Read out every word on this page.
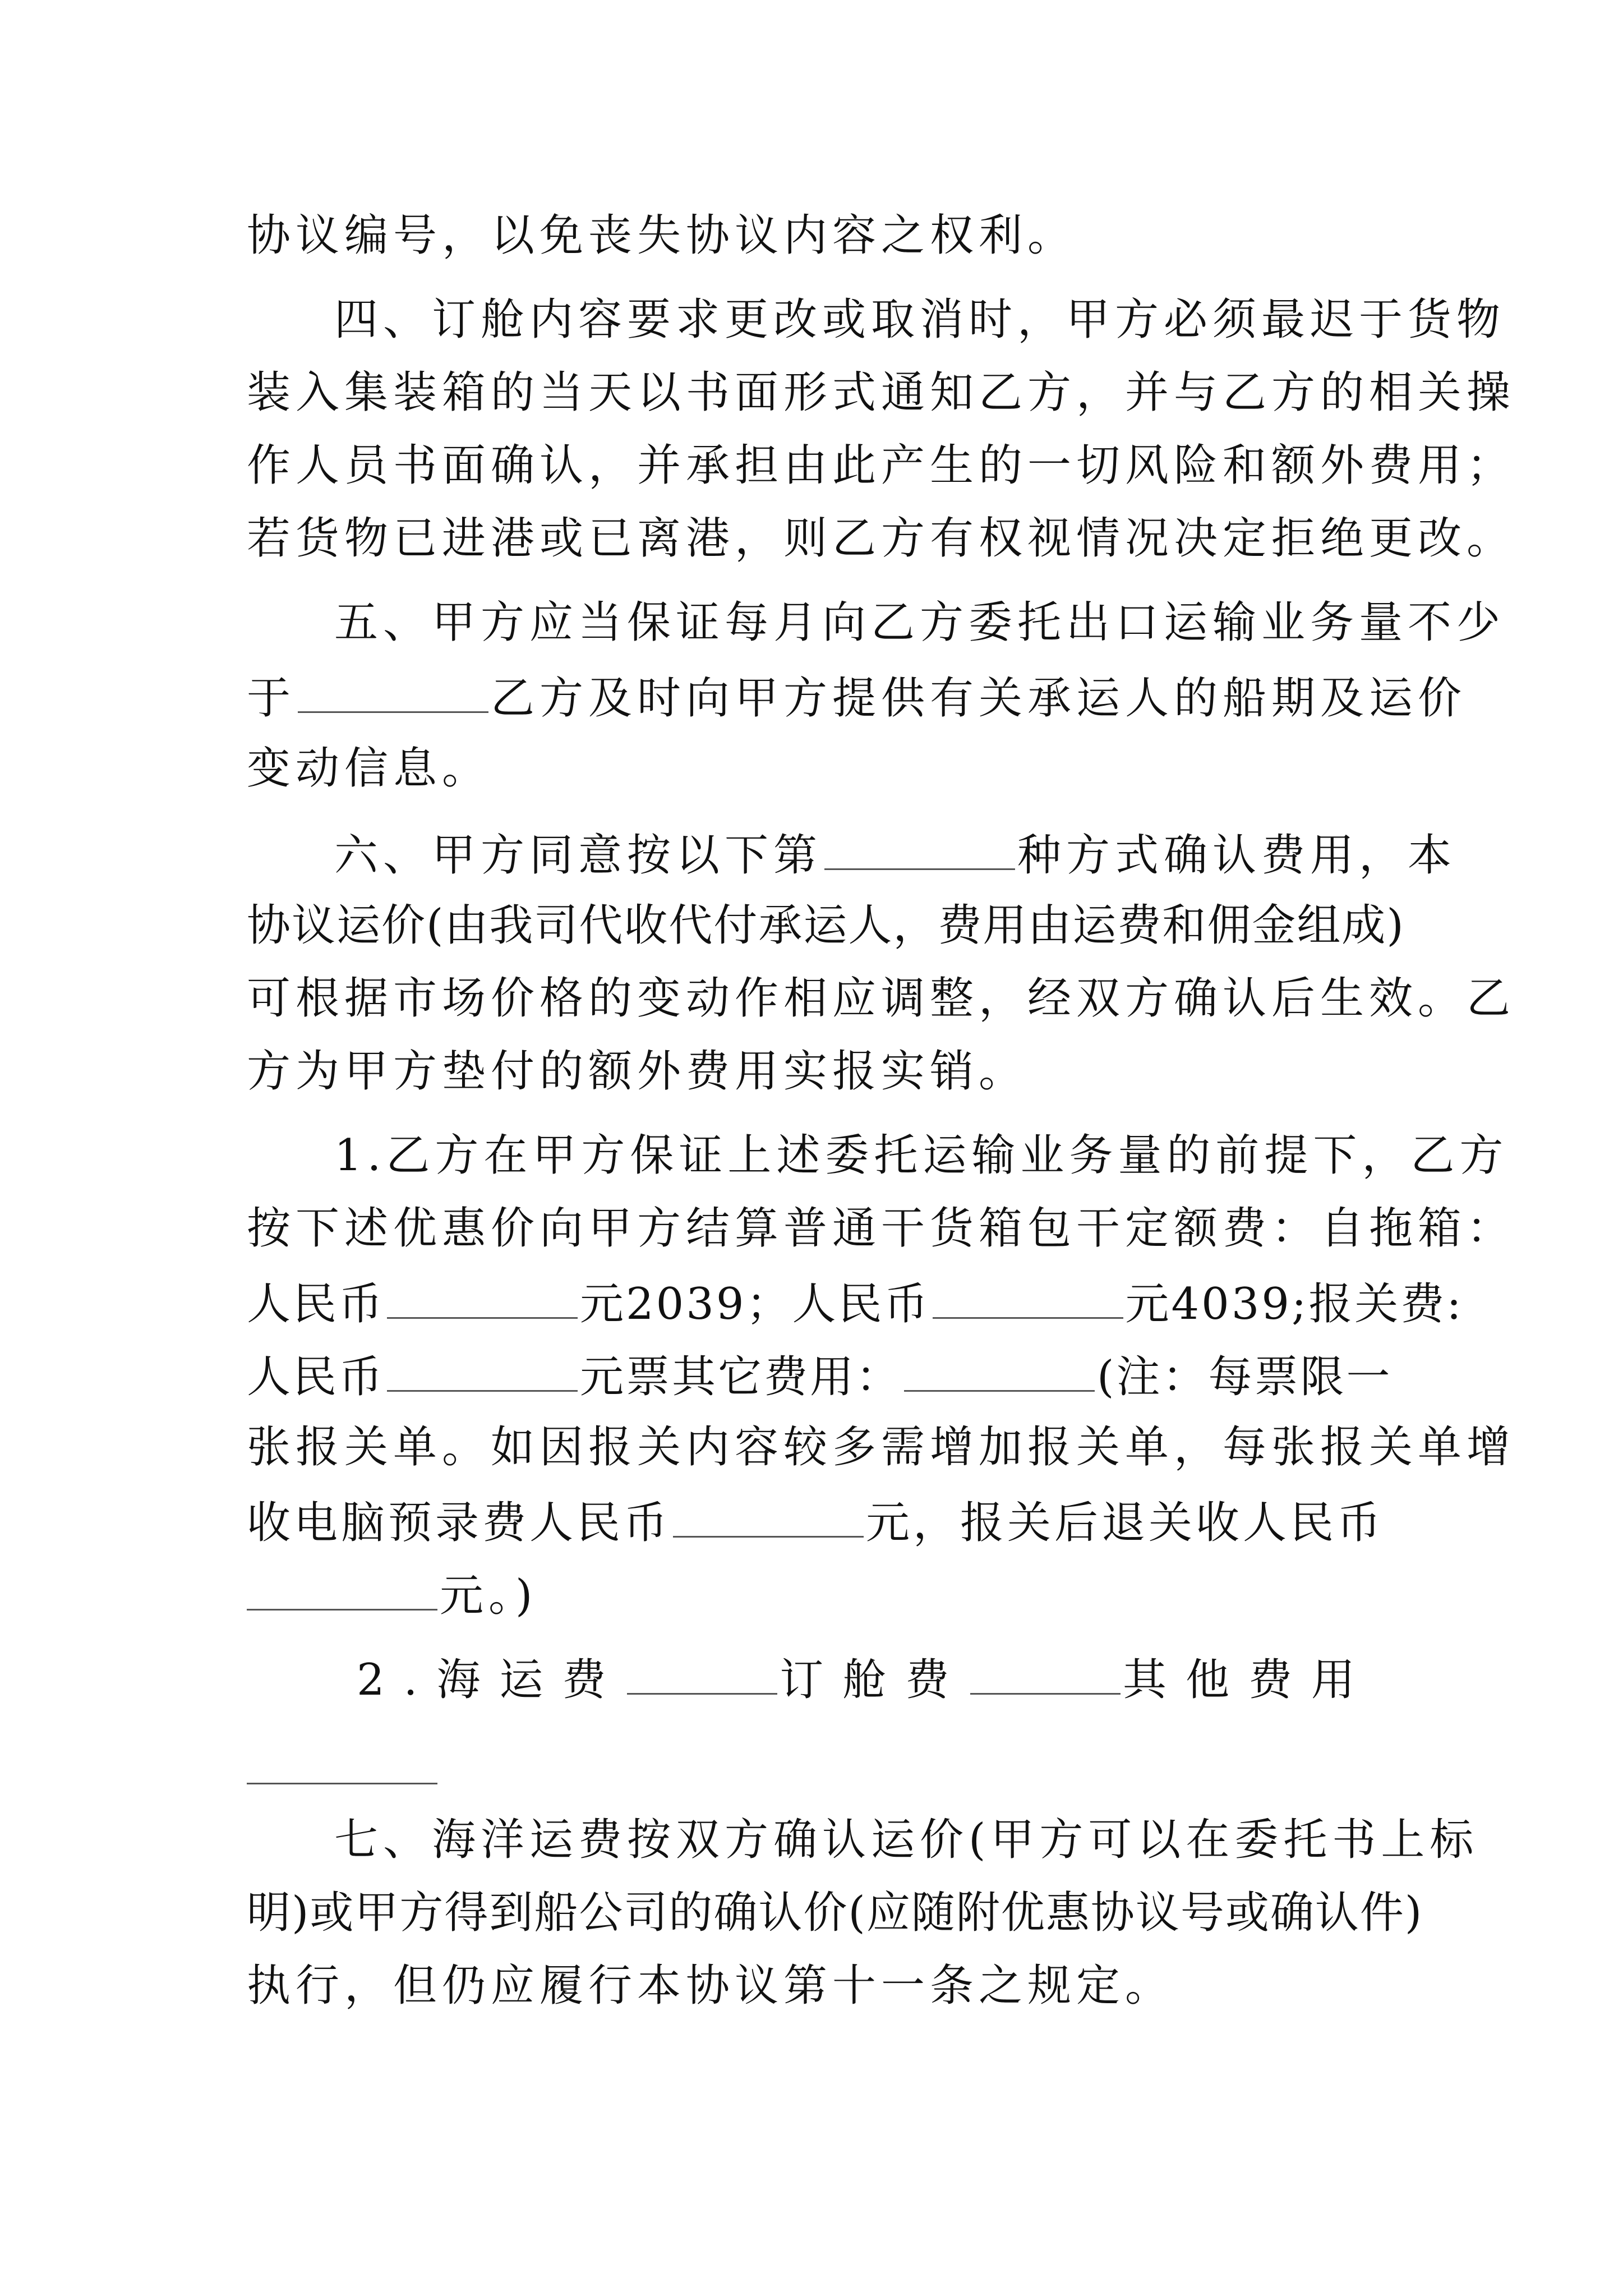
协议编号，以免丧失协议内容之权利。
四、订舱内容要求更改或取消时，甲方必须最迟于货物
装入集装箱的当天以书面形式通知乙方，并与乙方的相关操
作人员书面确认，并承担由此产生的一切风险和额外费用；
若货物已进港或已离港，则乙方有权视情况决定拒绝更改。
五、甲方应当保证每月向乙方委托出口运输业务量不少
于	乙方及时向甲方提供有关承运人的船期及运价
变动信息。
六、甲方同意按以下第	种方式确认费用，本
协议运价(由我司代收代付承运人，费用由运费和佣金组成)
可根据市场价格的变动作相应调整，经双方确认后生效。乙
方为甲方垫付的额外费用实报实销。
1.乙方在甲方保证上述委托运输业务量的前提下，乙方
按下述优惠价向甲方结算普通干货箱包干定额费：自拖箱：
人民币	元2039；人民币	元4039;报关费:
人民币	元票其它费用：	(注：每票限一
张报关单。如因报关内容较多需增加报关单，每张报关单增
收电脑预录费人民币	元，报关后退关收人民币
元。)
2. 海运费	订舱费	其他费用
七、海洋运费按双方确认运价(甲方可以在委托书上标
明)或甲方得到船公司的确认价(应随附优惠协议号或确认件)
执行，但仍应履行本协议第十一条之规定。
